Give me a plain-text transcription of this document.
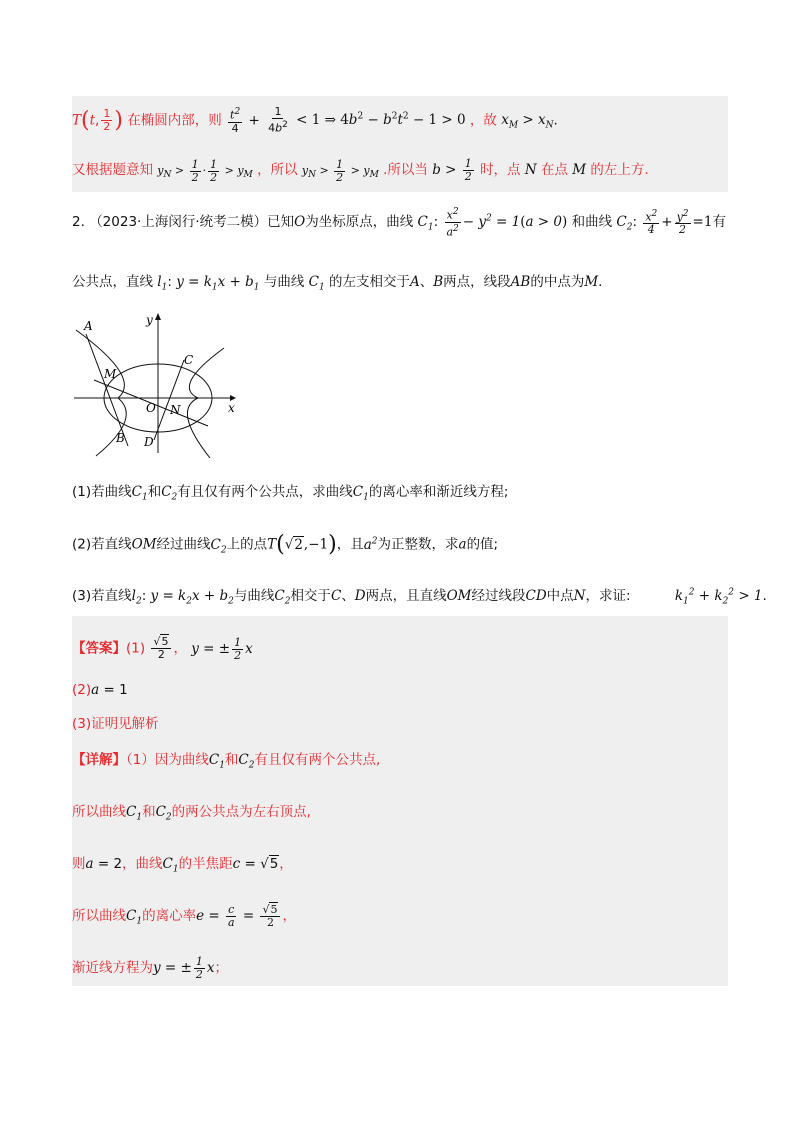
T(t, $\frac{1}{2}$ ) 在椭圆内部，则 $\frac{t^2}{4} + \frac{1}{4b^2} < 1$ ⇒ $4b^2 - b^2t^2 - 1 > 0$ ，故 $x_M > x_N$.
又根据题意知 $y_N > \frac{1}{2} \cdot \frac{1}{2} > y_M$ ，所以 $y_N > \frac{1}{2} > y_M$ .所以当 $b > \frac{1}{2}$ 时，点 N 在点 M 的左上方.
2. （2023·上海闵行·统考二模）已知O为坐标原点，曲线 $C_1$: $\frac{x^2}{a^2} - y^2 = 1(a > 0)$ 和曲线 $C_2$: $\frac{x^2}{4} + \frac{y^2}{2} =1$有
公共点，直线 $l_1$: $y = k_1x + b_1$ 与曲线 $C_1$ 的左支相交于A、B两点，线段AB的中点为M.
A
M
B
O N
D
C
x
y
(1)若曲线$C_1$和$C_2$有且仅有两个公共点，求曲线$C_1$的离心率和渐近线方程;
(2)若直线OM经过曲线$C_2$上的点T(√2,−1)，且$a^2$为正整数，求a的值;
(3)若直线$l_2$: $y = k_2x + b_2$与曲线$C_2$相交于C、D两点，且直线OM经过线段CD中点N，求证:	$k_1^2 + k_2^2 > 1$.
【答案】$(1) \frac{√5}{2}$ ， y = ± $\frac{1}{2}$ x
(2)a = 1
(3)证明见解析
【详解】（1）因为曲线$C_1$和$C_2$有且仅有两个公共点,
所以曲线$C_1$和$C_2$的两公共点为左右顶点,
则a = 2，曲线$C_1$的半焦距c = √5，
所以曲线$C_1$的离心率$e = \frac{c}{a} = \frac{√5}{2}$ ，
渐近线方程为y = ± $\frac{1}{2}$ x；
